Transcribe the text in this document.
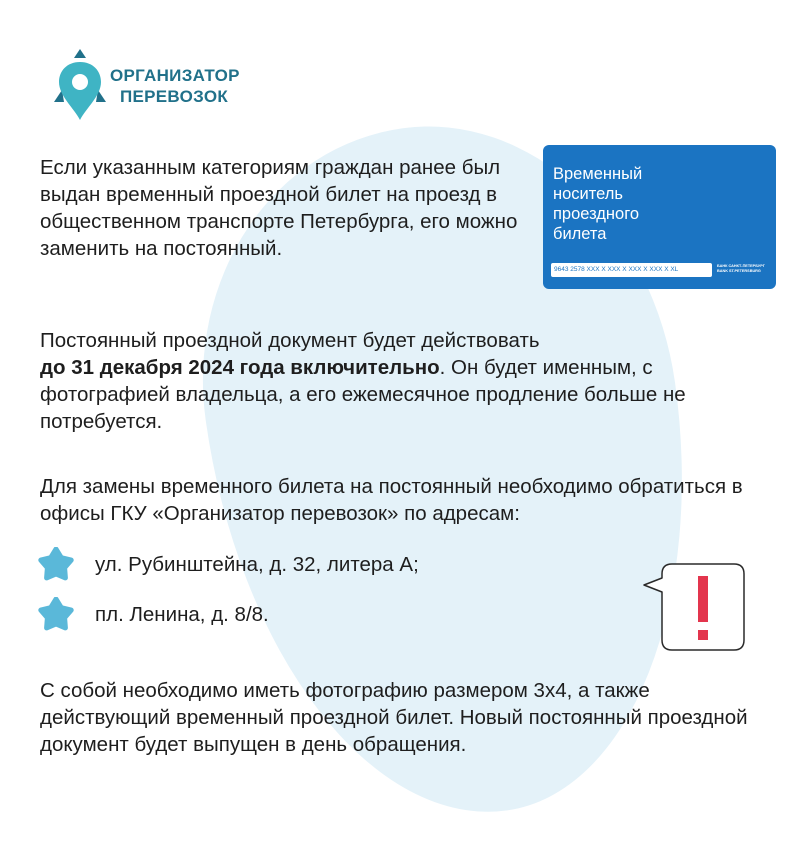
ОРГАНИЗАТОР
ПЕРЕВОЗОК

Если указанным категориям граждан ранее был выдан временный проездной билет на проезд в общественном транспорте Петербурга, его можно заменить на постоянный.

Временный
носитель
проездного
билета
9643 2578 XXX X XXX X XXX X XXX X XL	БАНК САНКТ-ПЕТЕРБУРГ
BANK ST.PETERSBURG

Постоянный проездной документ будет действовать
до 31 декабря 2024 года включительно. Он будет именным, с фотографией владельца, а его ежемесячное продление больше не потребуется.

Для замены временного билета на постоянный необходимо обратиться в офисы ГКУ «Организатор перевозок» по адресам:

ул. Рубинштейна, д. 32, литера А;
пл. Ленина, д. 8/8.

С собой необходимо иметь фотографию размером 3х4, а также действующий временный проездной билет. Новый постоянный проездной документ будет выпущен в день обращения.
